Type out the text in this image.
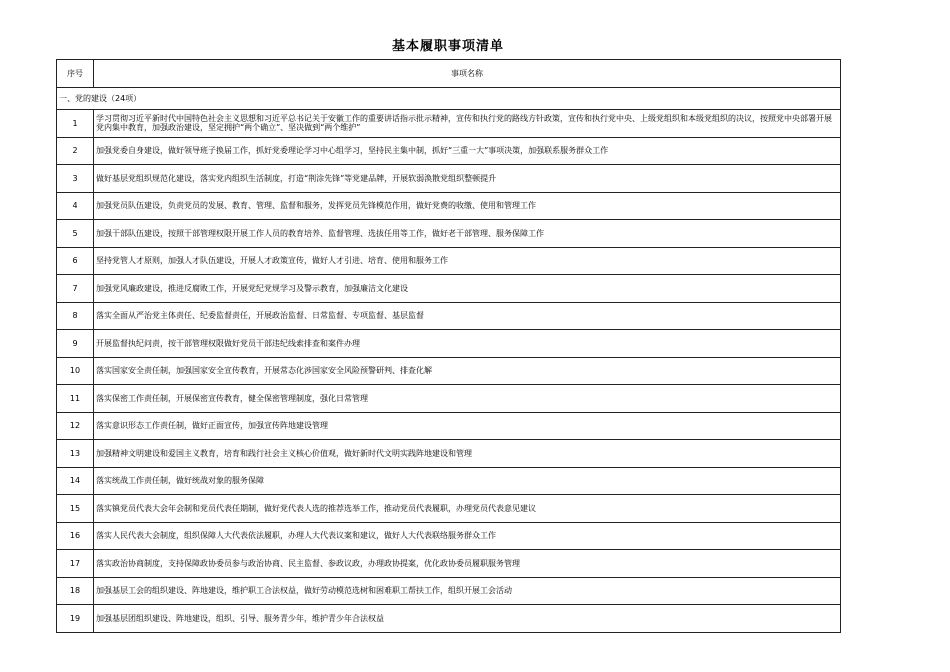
基本履职事项清单
序号	事项名称
一、党的建设（24项）	
1	学习贯彻习近平新时代中国特色社会主义思想和习近平总书记关于安徽工作的重要讲话指示批示精神，宣传和执行党的路线方针政策，宣传和执行党中央、上级党组织和本级党组织的决议，按照党中央部署开展党内集中教育，加强政治建设，坚定拥护“两个确立”、坚决做到“两个维护”
2	加强党委自身建设，做好领导班子换届工作，抓好党委理论学习中心组学习，坚持民主集中制，抓好“三重一大”事项决策，加强联系服务群众工作
3	做好基层党组织规范化建设，落实党内组织生活制度，打造“荆涂先锋”等党建品牌，开展软弱涣散党组织整顿提升
4	加强党员队伍建设，负责党员的发展、教育、管理、监督和服务，发挥党员先锋模范作用，做好党费的收缴、使用和管理工作
5	加强干部队伍建设，按照干部管理权限开展工作人员的教育培养、监督管理、选拔任用等工作，做好老干部管理、服务保障工作
6	坚持党管人才原则，加强人才队伍建设，开展人才政策宣传，做好人才引进、培育、使用和服务工作
7	加强党风廉政建设，推进反腐败工作，开展党纪党规学习及警示教育，加强廉洁文化建设
8	落实全面从严治党主体责任、纪委监督责任，开展政治监督、日常监督、专项监督、基层监督
9	开展监督执纪问责，按干部管理权限做好党员干部违纪线索排查和案件办理
10	落实国家安全责任制，加强国家安全宣传教育，开展常态化涉国家安全风险预警研判、排查化解
11	落实保密工作责任制，开展保密宣传教育，健全保密管理制度，强化日常管理
12	落实意识形态工作责任制，做好正面宣传，加强宣传阵地建设管理
13	加强精神文明建设和爱国主义教育，培育和践行社会主义核心价值观，做好新时代文明实践阵地建设和管理
14	落实统战工作责任制，做好统战对象的服务保障
15	落实镇党员代表大会年会制和党员代表任期制，做好党代表人选的推荐选举工作，推动党员代表履职，办理党员代表意见建议
16	落实人民代表大会制度，组织保障人大代表依法履职，办理人大代表议案和建议，做好人大代表联络服务群众工作
17	落实政治协商制度，支持保障政协委员参与政治协商、民主监督、参政议政，办理政协提案，优化政协委员履职服务管理
18	加强基层工会的组织建设、阵地建设，维护职工合法权益，做好劳动模范选树和困难职工帮扶工作，组织开展工会活动
19	加强基层团组织建设、阵地建设，组织、引导、服务青少年，维护青少年合法权益
